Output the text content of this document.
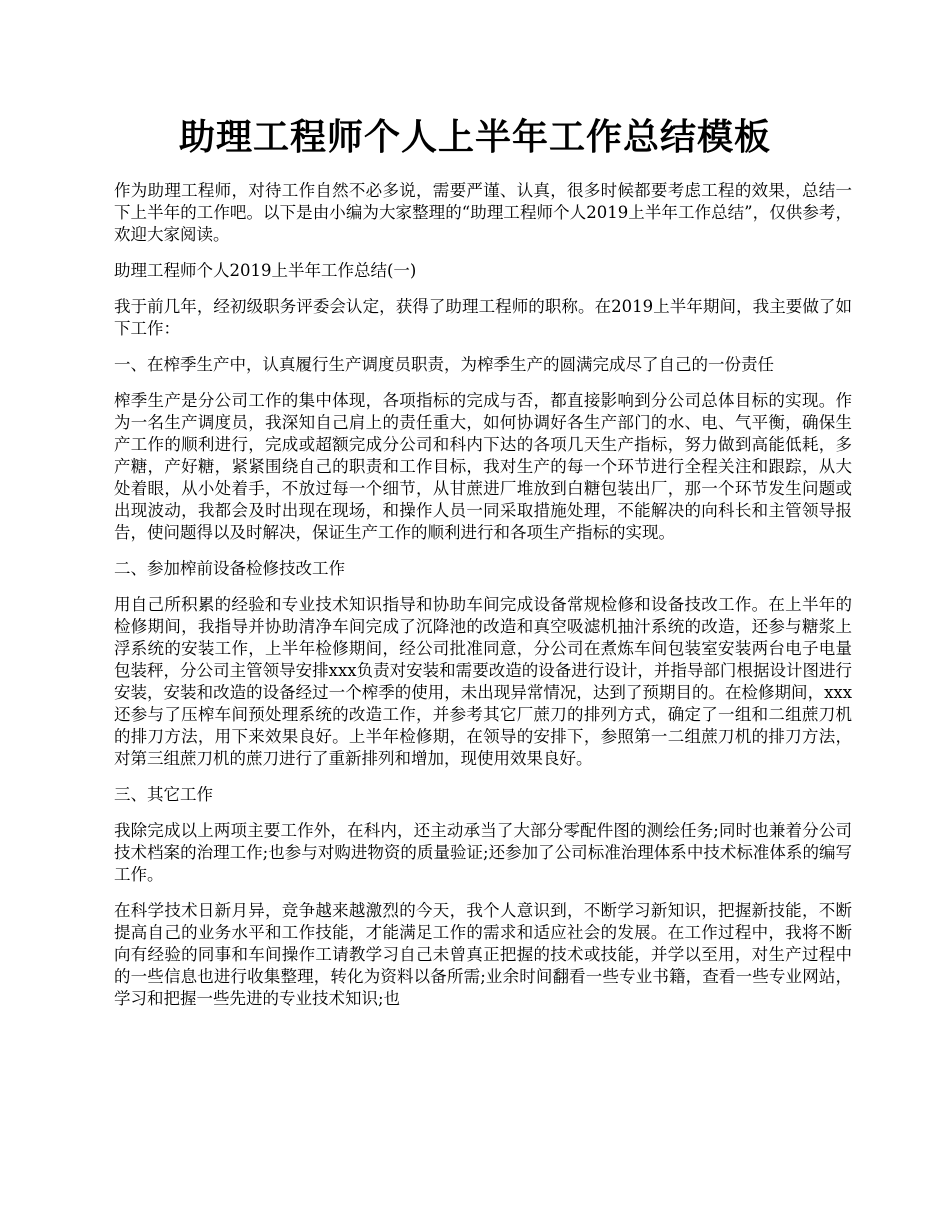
助理工程师个人上半年工作总结模板

作为助理工程师，对待工作自然不必多说，需要严谨、认真，很多时候都要考虑工程的效果，总结一下上半年的工作吧。以下是由小编为大家整理的“助理工程师个人2019上半年工作总结”，仅供参考，欢迎大家阅读。

助理工程师个人2019上半年工作总结(一)

我于前几年，经初级职务评委会认定，获得了助理工程师的职称。在2019上半年期间，我主要做了如下工作：

一、在榨季生产中，认真履行生产调度员职责，为榨季生产的圆满完成尽了自己的一份责任

榨季生产是分公司工作的集中体现，各项指标的完成与否，都直接影响到分公司总体目标的实现。作为一名生产调度员，我深知自己肩上的责任重大，如何协调好各生产部门的水、电、气平衡，确保生产工作的顺利进行，完成或超额完成分公司和科内下达的各项几天生产指标，努力做到高能低耗，多产糖，产好糖，紧紧围绕自己的职责和工作目标，我对生产的每一个环节进行全程关注和跟踪，从大处着眼，从小处着手，不放过每一个细节，从甘蔗进厂堆放到白糖包装出厂，那一个环节发生问题或出现波动，我都会及时出现在现场，和操作人员一同采取措施处理，不能解决的向科长和主管领导报告，使问题得以及时解决，保证生产工作的顺利进行和各项生产指标的实现。

二、参加榨前设备检修技改工作

用自己所积累的经验和专业技术知识指导和协助车间完成设备常规检修和设备技改工作。在上半年的检修期间，我指导并协助清净车间完成了沉降池的改造和真空吸滤机抽汁系统的改造，还参与糖浆上浮系统的安装工作，上半年检修期间，经公司批准同意，分公司在煮炼车间包装室安装两台电子电量包装秤，分公司主管领导安排xxx负责对安装和需要改造的设备进行设计，并指导部门根据设计图进行安装，安装和改造的设备经过一个榨季的使用，未出现异常情况，达到了预期目的。在检修期间，xxx还参与了压榨车间预处理系统的改造工作，并参考其它厂蔗刀的排列方式，确定了一组和二组蔗刀机的排刀方法，用下来效果良好。上半年检修期，在领导的安排下，参照第一二组蔗刀机的排刀方法，对第三组蔗刀机的蔗刀进行了重新排列和增加，现使用效果良好。

三、其它工作

我除完成以上两项主要工作外，在科内，还主动承当了大部分零配件图的测绘任务;同时也兼着分公司技术档案的治理工作;也参与对购进物资的质量验证;还参加了公司标准治理体系中技术标准体系的编写工作。

在科学技术日新月异，竞争越来越激烈的今天，我个人意识到，不断学习新知识，把握新技能，不断提高自己的业务水平和工作技能，才能满足工作的需求和适应社会的发展。在工作过程中，我将不断向有经验的同事和车间操作工请教学习自己未曾真正把握的技术或技能，并学以至用，对生产过程中的一些信息也进行收集整理，转化为资料以备所需;业余时间翻看一些专业书籍，查看一些专业网站，学习和把握一些先进的专业技术知识;也
